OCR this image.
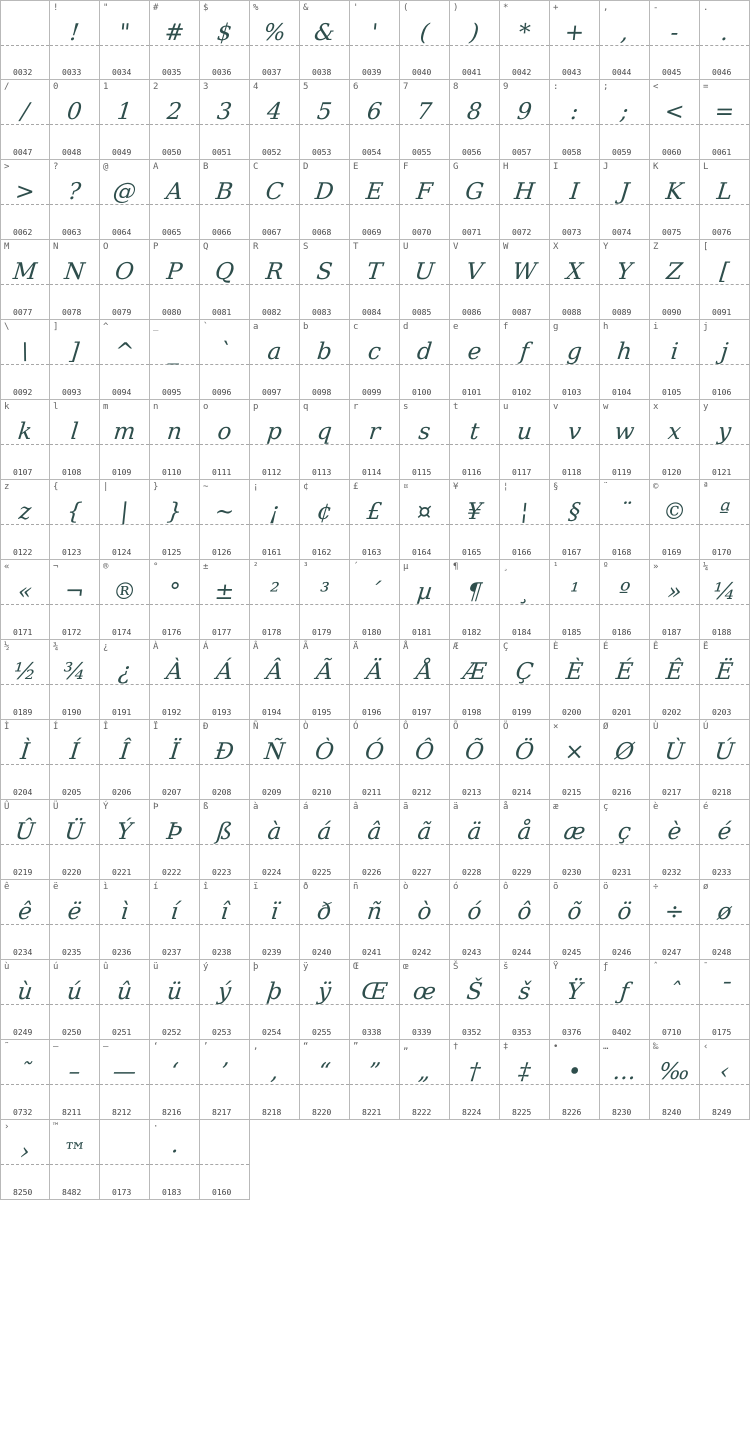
0032
!
!
0033
"
"
0034
#
#
0035
$
$
0036
%
%
0037
&
&
0038
'
'
0039
(
(
0040
)
)
0041
*
*
0042
+
+
0043
,
,
0044
-
-
0045
.
.
0046
/
/
0047
0
0
0048
1
1
0049
2
2
0050
3
3
0051
4
4
0052
5
5
0053
6
6
0054
7
7
0055
8
8
0056
9
9
0057
:
:
0058
;
;
0059
<
<
0060
=
=
0061
>
>
0062
?
?
0063
@
@
0064
A
A
0065
B
B
0066
C
C
0067
D
D
0068
E
E
0069
F
F
0070
G
G
0071
H
H
0072
I
I
0073
J
J
0074
K
K
0075
L
L
0076
M
M
0077
N
N
0078
O
O
0079
P
P
0080
Q
Q
0081
R
R
0082
S
S
0083
T
T
0084
U
U
0085
V
V
0086
W
W
0087
X
X
0088
Y
Y
0089
Z
Z
0090
[
[
0091
\
\
0092
]
]
0093
^
^
0094
_
_
0095
`
`
0096
a
a
0097
b
b
0098
c
c
0099
d
d
0100
e
e
0101
f
f
0102
g
g
0103
h
h
0104
i
i
0105
j
j
0106
k
k
0107
l
l
0108
m
m
0109
n
n
0110
o
o
0111
p
p
0112
q
q
0113
r
r
0114
s
s
0115
t
t
0116
u
u
0117
v
v
0118
w
w
0119
x
x
0120
y
y
0121
z
z
0122
{
{
0123
|
|
0124
}
}
0125
~
~
0126
¡
¡
0161
¢
¢
0162
£
£
0163
¤
¤
0164
¥
¥
0165
¦
¦
0166
§
§
0167
¨
¨
0168
©
©
0169
ª
ª
0170
«
«
0171
¬
¬
0172
®
®
0174
°
°
0176
±
±
0177
²
²
0178
³
³
0179
´
´
0180
µ
µ
0181
¶
¶
0182
¸
¸
0184
¹
¹
0185
º
º
0186
»
»
0187
¼
¼
0188
½
½
0189
¾
¾
0190
¿
¿
0191
À
À
0192
Á
Á
0193
Â
Â
0194
Ã
Ã
0195
Ä
Ä
0196
Å
Å
0197
Æ
Æ
0198
Ç
Ç
0199
È
È
0200
É
É
0201
Ê
Ê
0202
Ë
Ë
0203
Ì
Ì
0204
Í
Í
0205
Î
Î
0206
Ï
Ï
0207
Ð
Ð
0208
Ñ
Ñ
0209
Ò
Ò
0210
Ó
Ó
0211
Ô
Ô
0212
Õ
Õ
0213
Ö
Ö
0214
×
×
0215
Ø
Ø
0216
Ù
Ù
0217
Ú
Ú
0218
Û
Û
0219
Ü
Ü
0220
Ý
Ý
0221
Þ
Þ
0222
ß
ß
0223
à
à
0224
á
á
0225
â
â
0226
ã
ã
0227
ä
ä
0228
å
å
0229
æ
æ
0230
ç
ç
0231
è
è
0232
é
é
0233
ê
ê
0234
ë
ë
0235
ì
ì
0236
í
í
0237
î
î
0238
ï
ï
0239
ð
ð
0240
ñ
ñ
0241
ò
ò
0242
ó
ó
0243
ô
ô
0244
õ
õ
0245
ö
ö
0246
÷
÷
0247
ø
ø
0248
ù
ù
0249
ú
ú
0250
û
û
0251
ü
ü
0252
ý
ý
0253
þ
þ
0254
ÿ
ÿ
0255
Œ
Œ
0338
œ
œ
0339
Š
Š
0352
š
š
0353
Ÿ
Ÿ
0376
ƒ
ƒ
0402
ˆ
ˆ
0710
¯
¯
0175
˜
˜
0732
–
–
8211
—
—
8212
‘
‘
8216
’
’
8217
‚
‚
8218
“
“
8220
”
”
8221
„
„
8222
†
†
8224
‡
‡
8225
•
•
8226
…
…
8230
‰
‰
8240
‹
‹
8249
›
›
8250
™
™
8482	0173
·
·
0183	0160
